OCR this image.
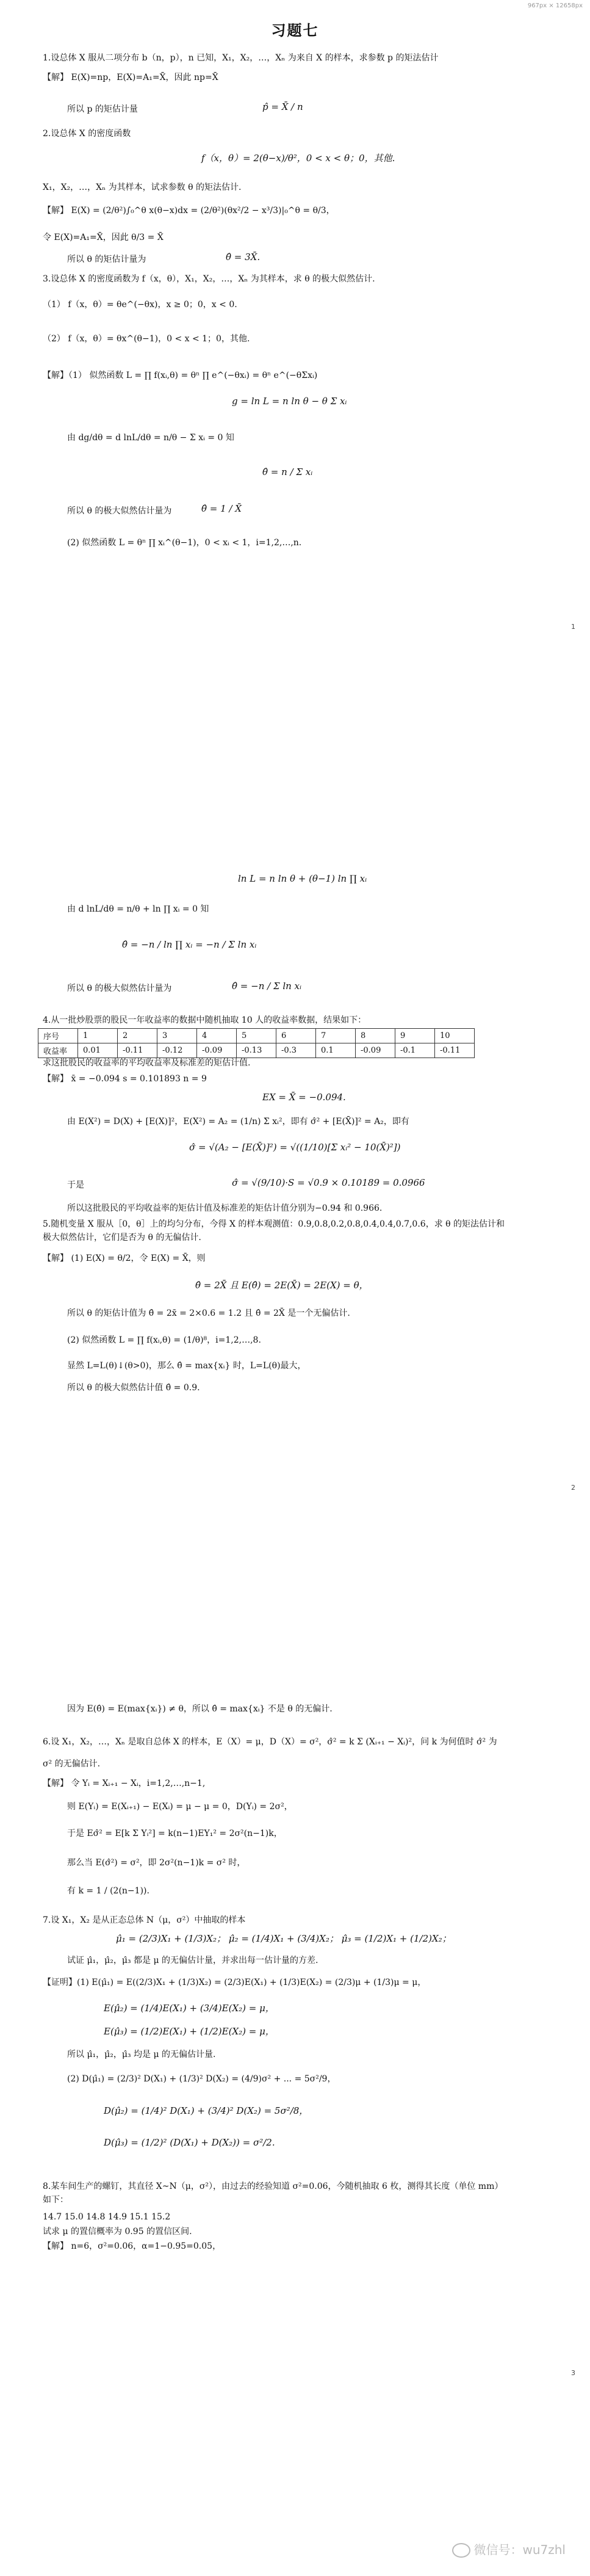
967px × 12658px
习题七
1.设总体 X 服从二项分布 b（n，p），n 已知，X₁，X₂，…，Xₙ 为来自 X 的样本，求参数 p 的矩法估计
【解】 E(X)=np，E(X)=A₁=X̄，因此 np=X̄
所以 p 的矩估计量	p̂ = X̄ / n
2.设总体 X 的密度函数
f（x，θ）= 2(θ−x)/θ²，0 < x < θ；0，其他.
X₁，X₂，…，Xₙ 为其样本，试求参数 θ 的矩法估计.
【解】 E(X) = (2/θ²)∫₀^θ x(θ−x)dx = (2/θ²)(θx²/2 − x³/3)|₀^θ = θ/3，
令 E(X)=A₁=X̄，因此 θ/3 = X̄
所以 θ 的矩估计量为	θ̂ = 3X̄.
3.设总体 X 的密度函数为 f（x，θ），X₁，X₂，…，Xₙ 为其样本，求 θ 的极大似然估计.
（1） f（x，θ）= θe^(−θx)，x ≥ 0；0，x < 0.
（2） f（x，θ）= θx^(θ−1)，0 < x < 1；0，其他.
【解】（1） 似然函数 L = ∏ f(xᵢ,θ) = θⁿ ∏ e^(−θxᵢ) = θⁿ e^(−θΣxᵢ)
g = ln L = n ln θ − θ Σ xᵢ
由 dg/dθ = d lnL/dθ = n/θ − Σ xᵢ = 0 知
θ̂ = n / Σ xᵢ
所以 θ 的极大似然估计量为	θ̂ = 1 / X̄
(2) 似然函数 L = θⁿ ∏ xᵢ^(θ−1)，0 < xᵢ < 1，i=1,2,…,n.
1
ln L = n ln θ + (θ−1) ln ∏ xᵢ
由 d lnL/dθ = n/θ + ln ∏ xᵢ = 0 知
θ̂ = −n / ln ∏ xᵢ = −n / Σ ln xᵢ
所以 θ 的极大似然估计量为	θ̂ = −n / Σ ln xᵢ
4.从一批炒股票的股民一年收益率的数据中随机抽取 10 人的收益率数据，结果如下：
序号	1	2	3	4	5	6	7	8	9	10
收益率	0.01	-0.11	-0.12	-0.09	-0.13	-0.3	0.1	-0.09	-0.1	-0.11
求这批股民的收益率的平均收益率及标准差的矩估计值.
【解】 x̄ = −0.094 s = 0.101893 n = 9
EX = X̄ = −0.094.
由 E(X²) = D(X) + [E(X)]²，E(X²) = A₂ = (1/n) Σ xᵢ²，即有 σ̂² + [E(X̄)]² = A₂，即有
σ̂ = √(A₂ − [E(X̄)]²) = √((1/10)[Σ xᵢ² − 10(X̄)²])
于是	σ̂ = √(9/10)·S = √0.9 × 0.10189 = 0.0966
所以这批股民的平均收益率的矩估计值及标准差的矩估计值分别为−0.94 和 0.966.
5.随机变量 X 服从［0，θ］上的均匀分布，今得 X 的样本观测值：0.9,0.8,0.2,0.8,0.4,0.4,0.7,0.6，求 θ 的矩法估计和
极大似然估计，它们是否为 θ 的无偏估计.
【解】 (1) E(X) = θ/2，令 E(X) = X̄，则
θ̂ = 2X̄ 且 E(θ̂) = 2E(X̄) = 2E(X) = θ，
所以 θ 的矩估计值为 θ̂ = 2x̄ = 2×0.6 = 1.2 且 θ̂ = 2X̄ 是一个无偏估计.
(2) 似然函数 L = ∏ f(xᵢ,θ) = (1/θ)⁸，i=1,2,…,8.
显然 L=L(θ)↓(θ>0)，那么 θ̂ = max{xᵢ} 时，L=L(θ)最大，
所以 θ 的极大似然估计值 θ̂ = 0.9.
2
因为 E(θ̂) = E(max{xᵢ}) ≠ θ，所以 θ̂ = max{xᵢ} 不是 θ 的无偏计.
6.设 X₁，X₂，…，Xₙ 是取自总体 X 的样本，E（X）= μ，D（X）= σ²，σ̂² = k Σ (Xᵢ₊₁ − Xᵢ)²，问 k 为何值时 σ̂² 为
σ² 的无偏估计.
【解】 令 Yᵢ = Xᵢ₊₁ − Xᵢ，i=1,2,…,n−1,
则 E(Yᵢ) = E(Xᵢ₊₁) − E(Xᵢ) = μ − μ = 0，D(Yᵢ) = 2σ²，
于是 Eσ̂² = E[k Σ Yᵢ²] = k(n−1)EY₁² = 2σ²(n−1)k，
那么当 E(σ̂²) = σ²，即 2σ²(n−1)k = σ² 时，
有 k = 1 / (2(n−1)).
7.设 X₁，X₂ 是从正态总体 N（μ，σ²）中抽取的样本
μ̂₁ = (2/3)X₁ + (1/3)X₂； μ̂₂ = (1/4)X₁ + (3/4)X₂； μ̂₃ = (1/2)X₁ + (1/2)X₂；
试证 μ̂₁，μ̂₂，μ̂₃ 都是 μ 的无偏估计量，并求出每一估计量的方差.
【证明】(1) E(μ̂₁) = E((2/3)X₁ + (1/3)X₂) = (2/3)E(X₁) + (1/3)E(X₂) = (2/3)μ + (1/3)μ = μ，
E(μ̂₂) = (1/4)E(X₁) + (3/4)E(X₂) = μ，
E(μ̂₃) = (1/2)E(X₁) + (1/2)E(X₂) = μ，
所以 μ̂₁，μ̂₂，μ̂₃ 均是 μ 的无偏估计量.
(2) D(μ̂₁) = (2/3)² D(X₁) + (1/3)² D(X₂) = (4/9)σ² + ... = 5σ²/9，
D(μ̂₂) = (1/4)² D(X₁) + (3/4)² D(X₂) = 5σ²/8，
D(μ̂₃) = (1/2)² (D(X₁) + D(X₂)) = σ²/2.
8.某车间生产的螺钉，其直径 X~N（μ，σ²），由过去的经验知道 σ²=0.06，今随机抽取 6 枚，测得其长度（单位 mm）
如下：
14.7 15.0 14.8 14.9 15.1 15.2
试求 μ 的置信概率为 0.95 的置信区间.
【解】 n=6，σ²=0.06，α=1−0.95=0.05，
3
微信号：wu7zhl
